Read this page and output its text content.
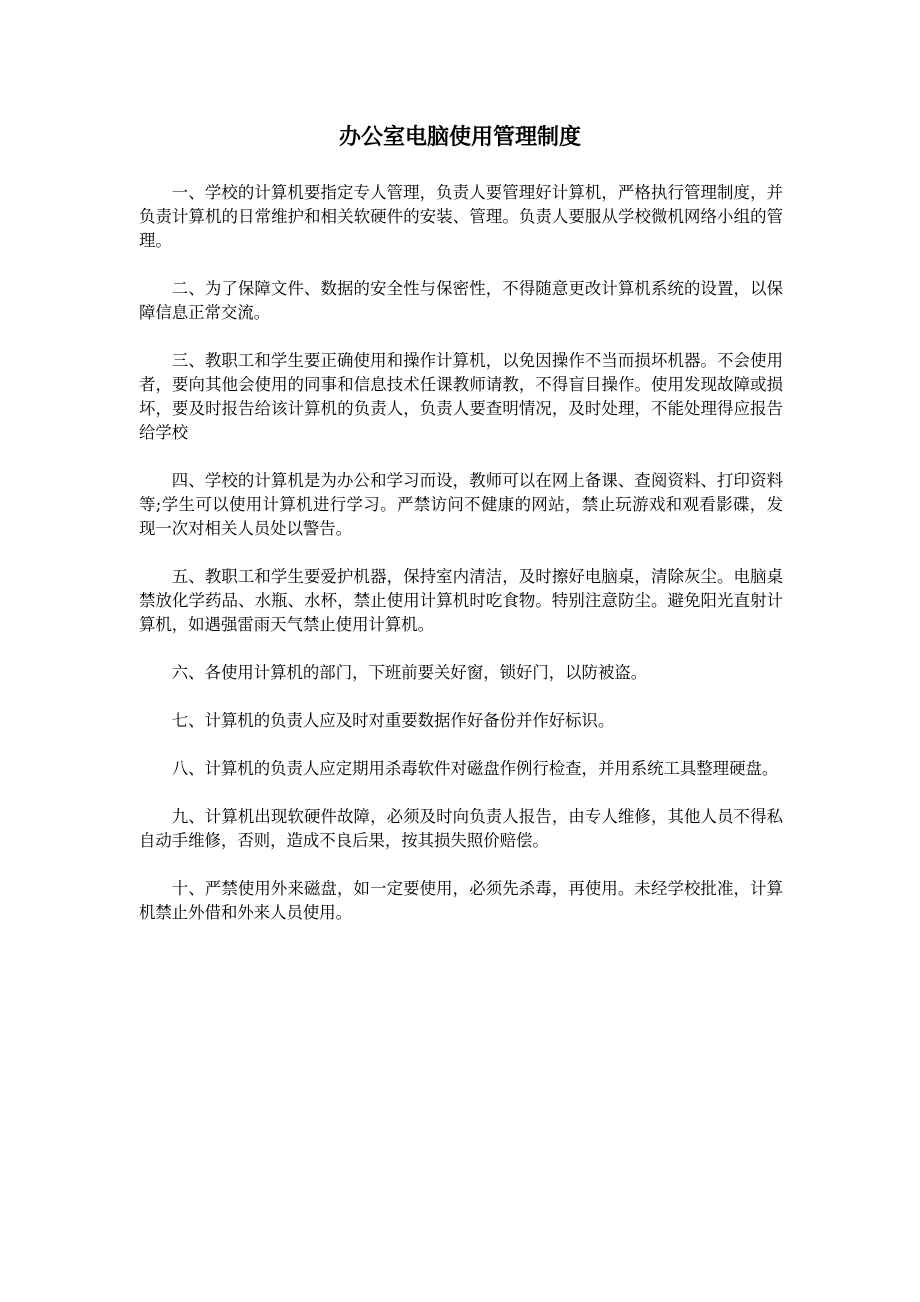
办公室电脑使用管理制度

一、学校的计算机要指定专人管理，负责人要管理好计算机，严格执行管理制度，并负责计算机的日常维护和相关软硬件的安装、管理。负责人要服从学校微机网络小组的管理。

二、为了保障文件、数据的安全性与保密性，不得随意更改计算机系统的设置，以保障信息正常交流。

三、教职工和学生要正确使用和操作计算机，以免因操作不当而损坏机器。不会使用者，要向其他会使用的同事和信息技术任课教师请教，不得盲目操作。使用发现故障或损坏，要及时报告给该计算机的负责人，负责人要查明情况，及时处理，不能处理得应报告给学校

四、学校的计算机是为办公和学习而设，教师可以在网上备课、查阅资料、打印资料等;学生可以使用计算机进行学习。严禁访问不健康的网站，禁止玩游戏和观看影碟，发现一次对相关人员处以警告。

五、教职工和学生要爱护机器，保持室内清洁，及时擦好电脑桌，清除灰尘。电脑桌禁放化学药品、水瓶、水杯，禁止使用计算机时吃食物。特别注意防尘。避免阳光直射计算机，如遇强雷雨天气禁止使用计算机。

六、各使用计算机的部门，下班前要关好窗，锁好门，以防被盗。

七、计算机的负责人应及时对重要数据作好备份并作好标识。

八、计算机的负责人应定期用杀毒软件对磁盘作例行检查，并用系统工具整理硬盘。

九、计算机出现软硬件故障，必须及时向负责人报告，由专人维修，其他人员不得私自动手维修，否则，造成不良后果，按其损失照价赔偿。

十、严禁使用外来磁盘，如一定要使用，必须先杀毒，再使用。未经学校批准，计算机禁止外借和外来人员使用。
